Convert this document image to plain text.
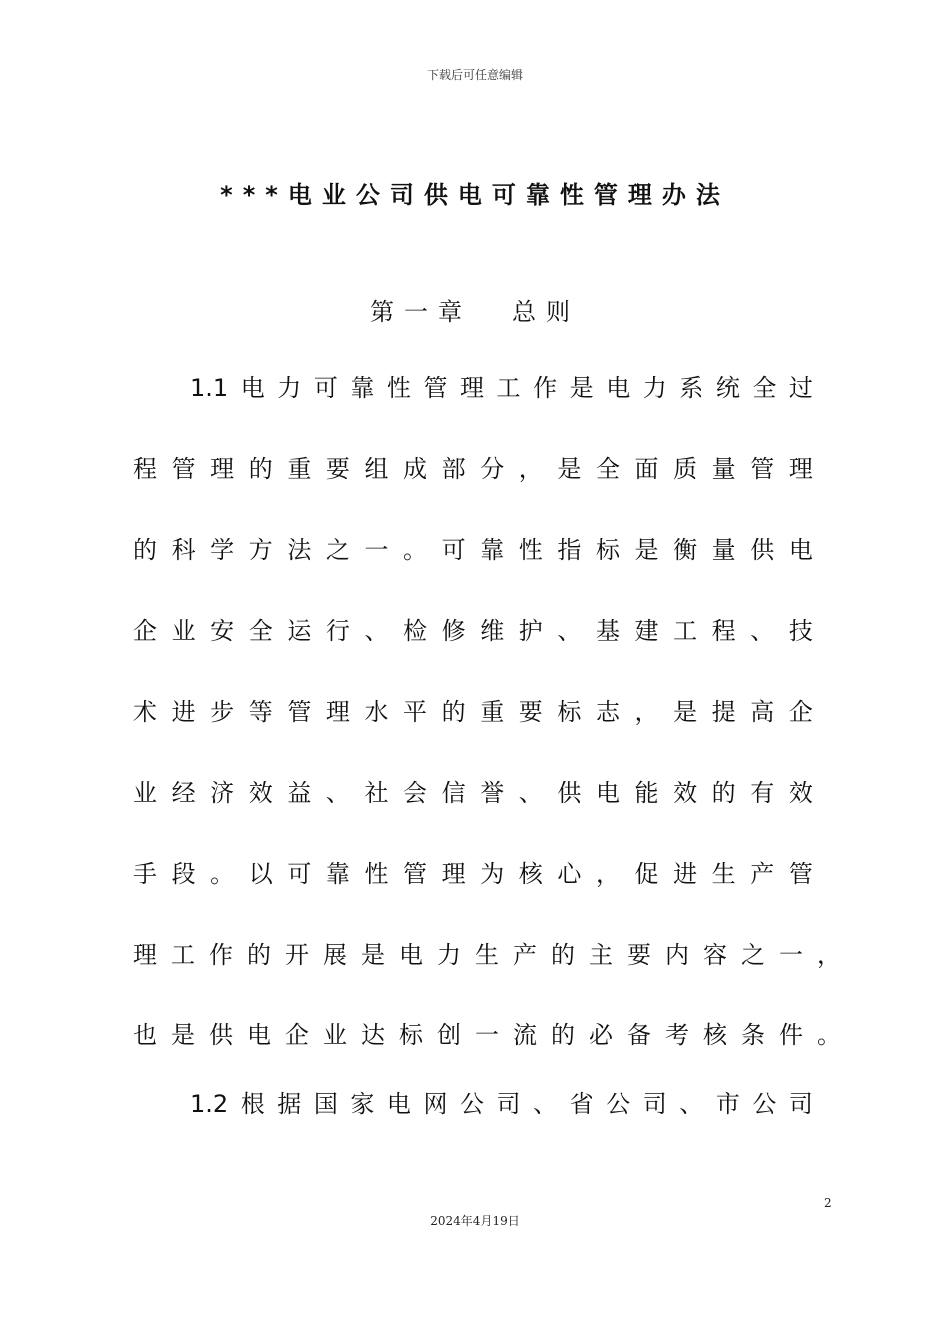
下载后可任意编辑
***电业公司供电可靠性管理办法
第一章 总则
1.1 电 力 可 靠 性 管 理 工 作 是 电 力 系 统 全 过
程 管 理 的 重 要 组 成 部 分 ， 是 全 面 质 量 管 理
的 科 学 方 法 之 一 。 可 靠 性 指 标 是 衡 量 供 电
企 业 安 全 运 行 、 检 修 维 护 、 基 建 工 程 、 技
术 进 步 等 管 理 水 平 的 重 要 标 志 ， 是 提 高 企
业 经 济 效 益 、 社 会 信 誉 、 供 电 能 效 的 有 效
手 段 。 以 可 靠 性 管 理 为 核 心 ， 促 进 生 产 管
理 工 作 的 开 展 是 电 力 生 产 的 主 要 内 容 之 一 ，
也 是 供 电 企 业 达 标 创 一 流 的 必 备 考 核 条 件 。
1.2 根 据 国 家 电 网 公 司 、 省 公 司 、 市 公 司
2
2024年4月19日
